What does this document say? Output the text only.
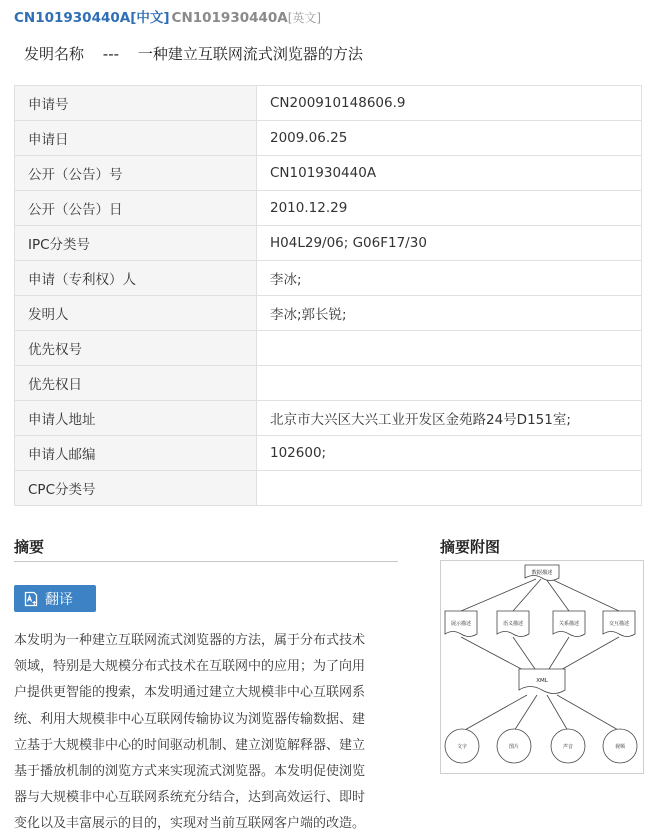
CN101930440A[中文] CN101930440A[英文]
发明名称 --- 一种建立互联网流式浏览器的方法
申请号	CN200910148606.9
申请日	2009.06.25
公开（公告）号	CN101930440A
公开（公告）日	2010.12.29
IPC分类号	H04L29/06; G06F17/30
申请（专利权）人	李冰;
发明人	李冰;郭长锐;
优先权号	
优先权日	
申请人地址	北京市大兴区大兴工业开发区金苑路24号D151室;
申请人邮编	102600;
CPC分类号	
摘要	摘要附图
翻译
本发明为一种建立互联网流式浏览器的方法，属于分布式技术
领域，特别是大规模分布式技术在互联网中的应用；为了向用
户提供更智能的搜索，本发明通过建立大规模非中心互联网系
统、利用大规模非中心互联网传输协议为浏览器传输数据、建
立基于大规模非中心的时间驱动机制、建立浏览解释器、建立
基于播放机制的浏览方式来实现流式浏览器。本发明促使浏览
器与大规模非中心互联网系统充分结合，达到高效运行、即时
变化以及丰富展示的目的，实现对当前互联网客户端的改造。
数据描述
展示描述	语义描述	关系描述	交互描述
XML
文字	图片	声音	视频
